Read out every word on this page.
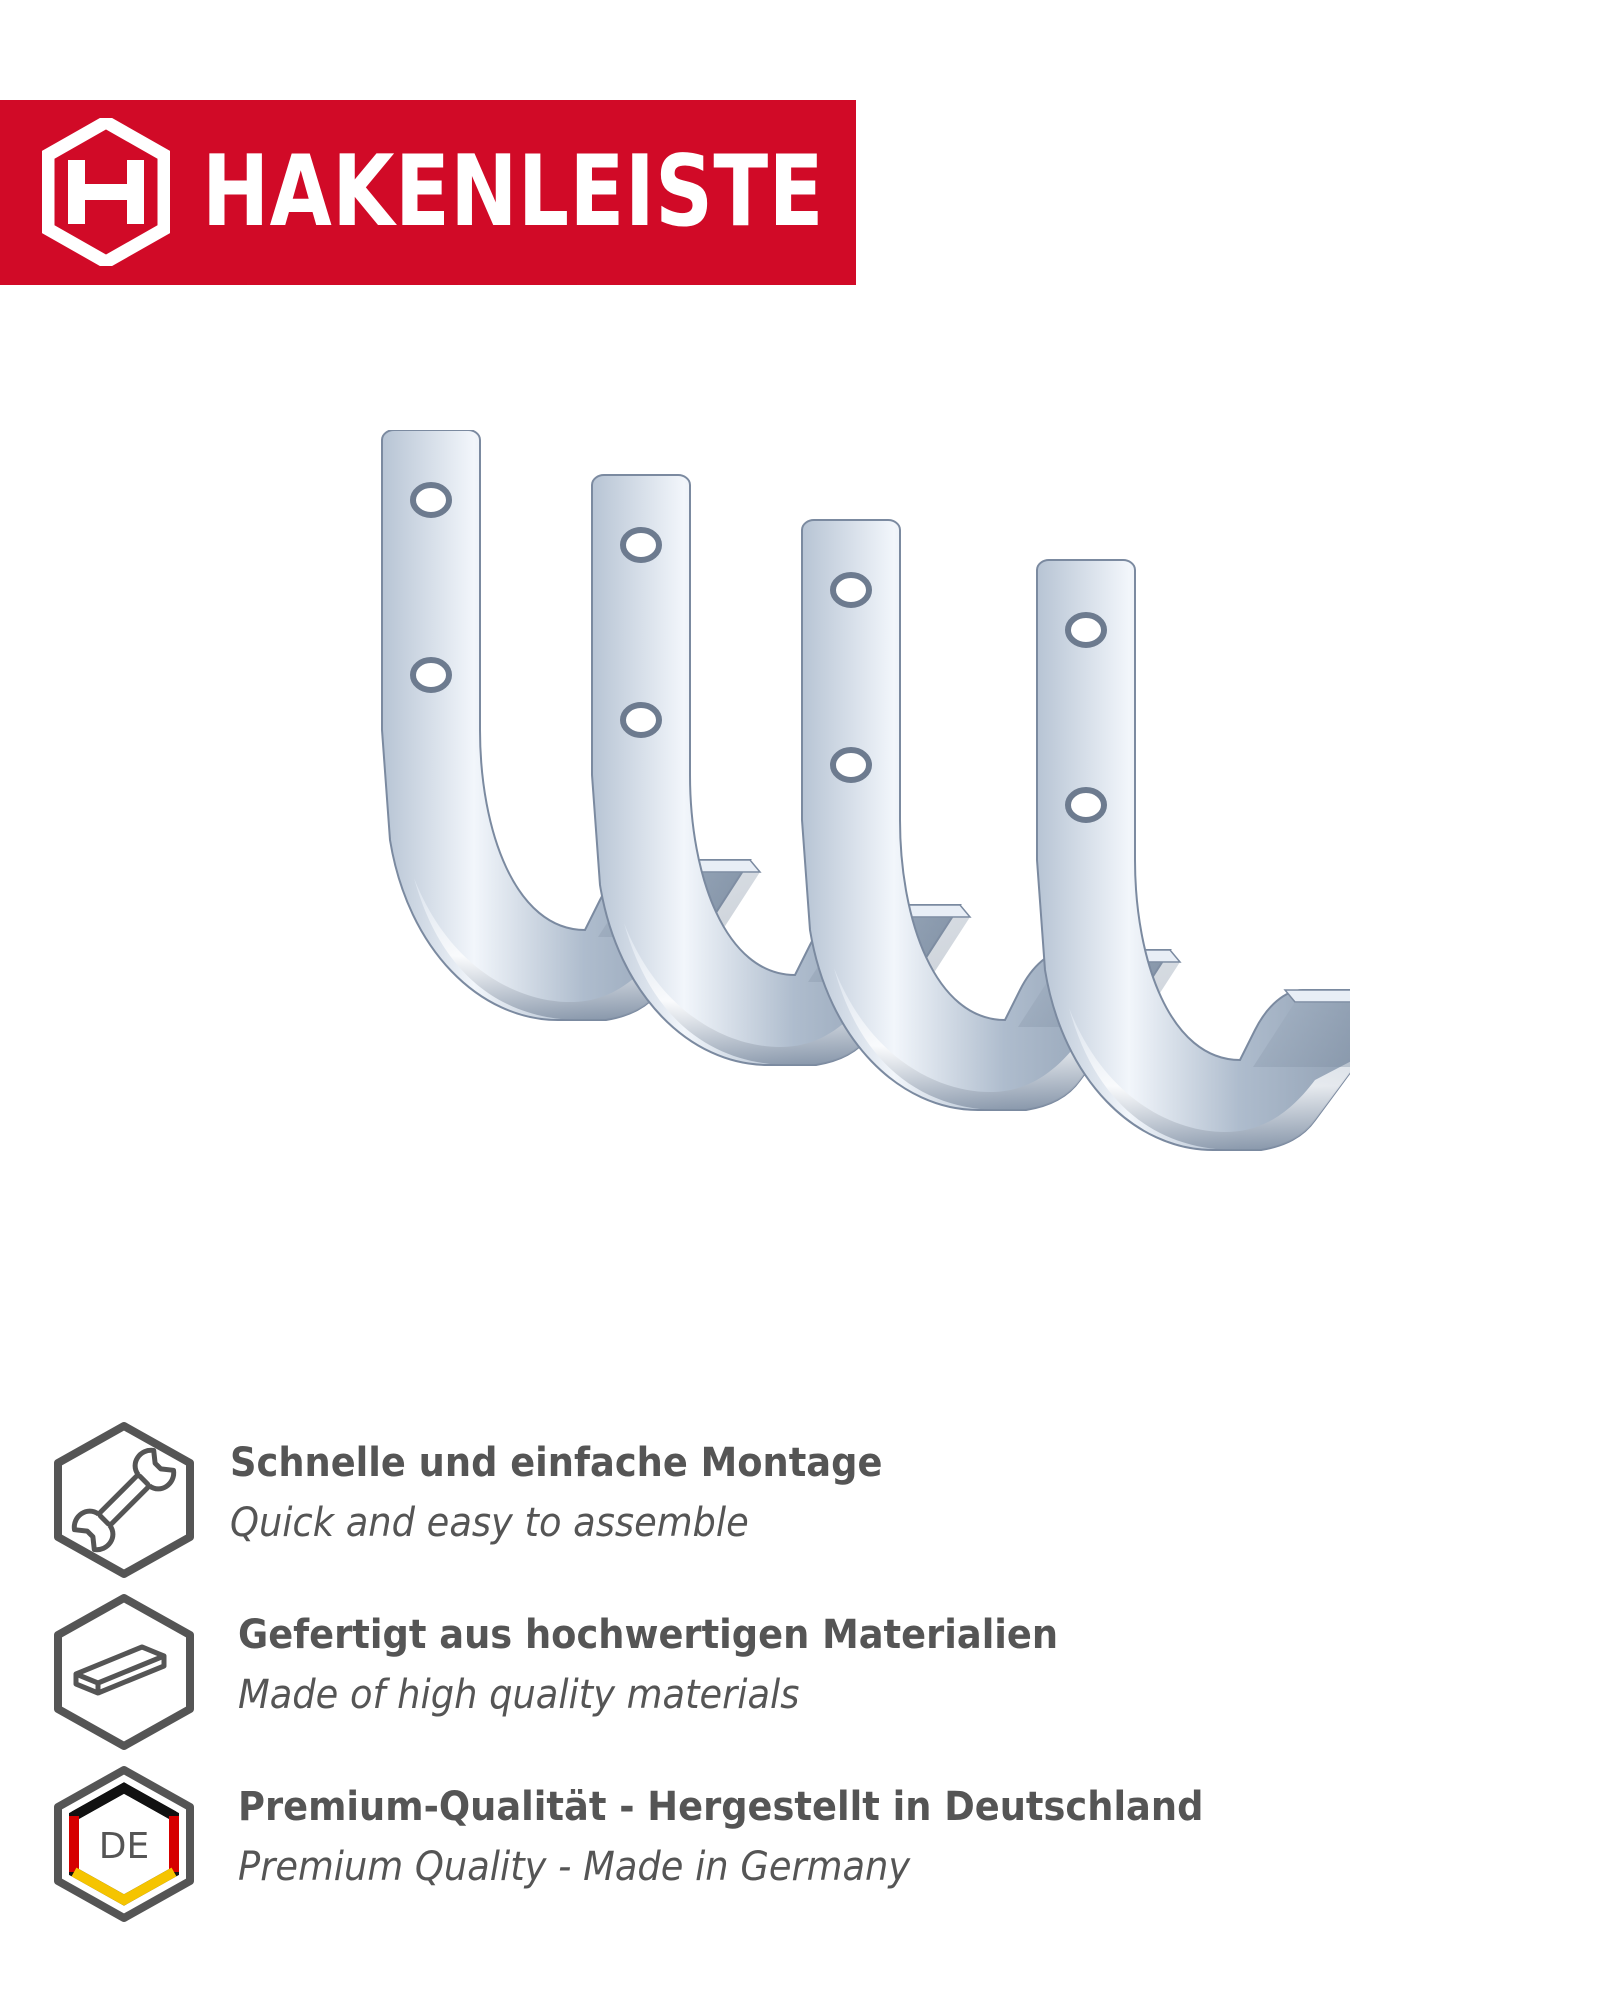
HAKENLEISTE
Schnelle und einfache Montage
Quick and easy to assemble
Gefertigt aus hochwertigen Materialien
Made of high quality materials
DE
Premium-Qualität - Hergestellt in Deutschland
Premium Quality - Made in Germany
